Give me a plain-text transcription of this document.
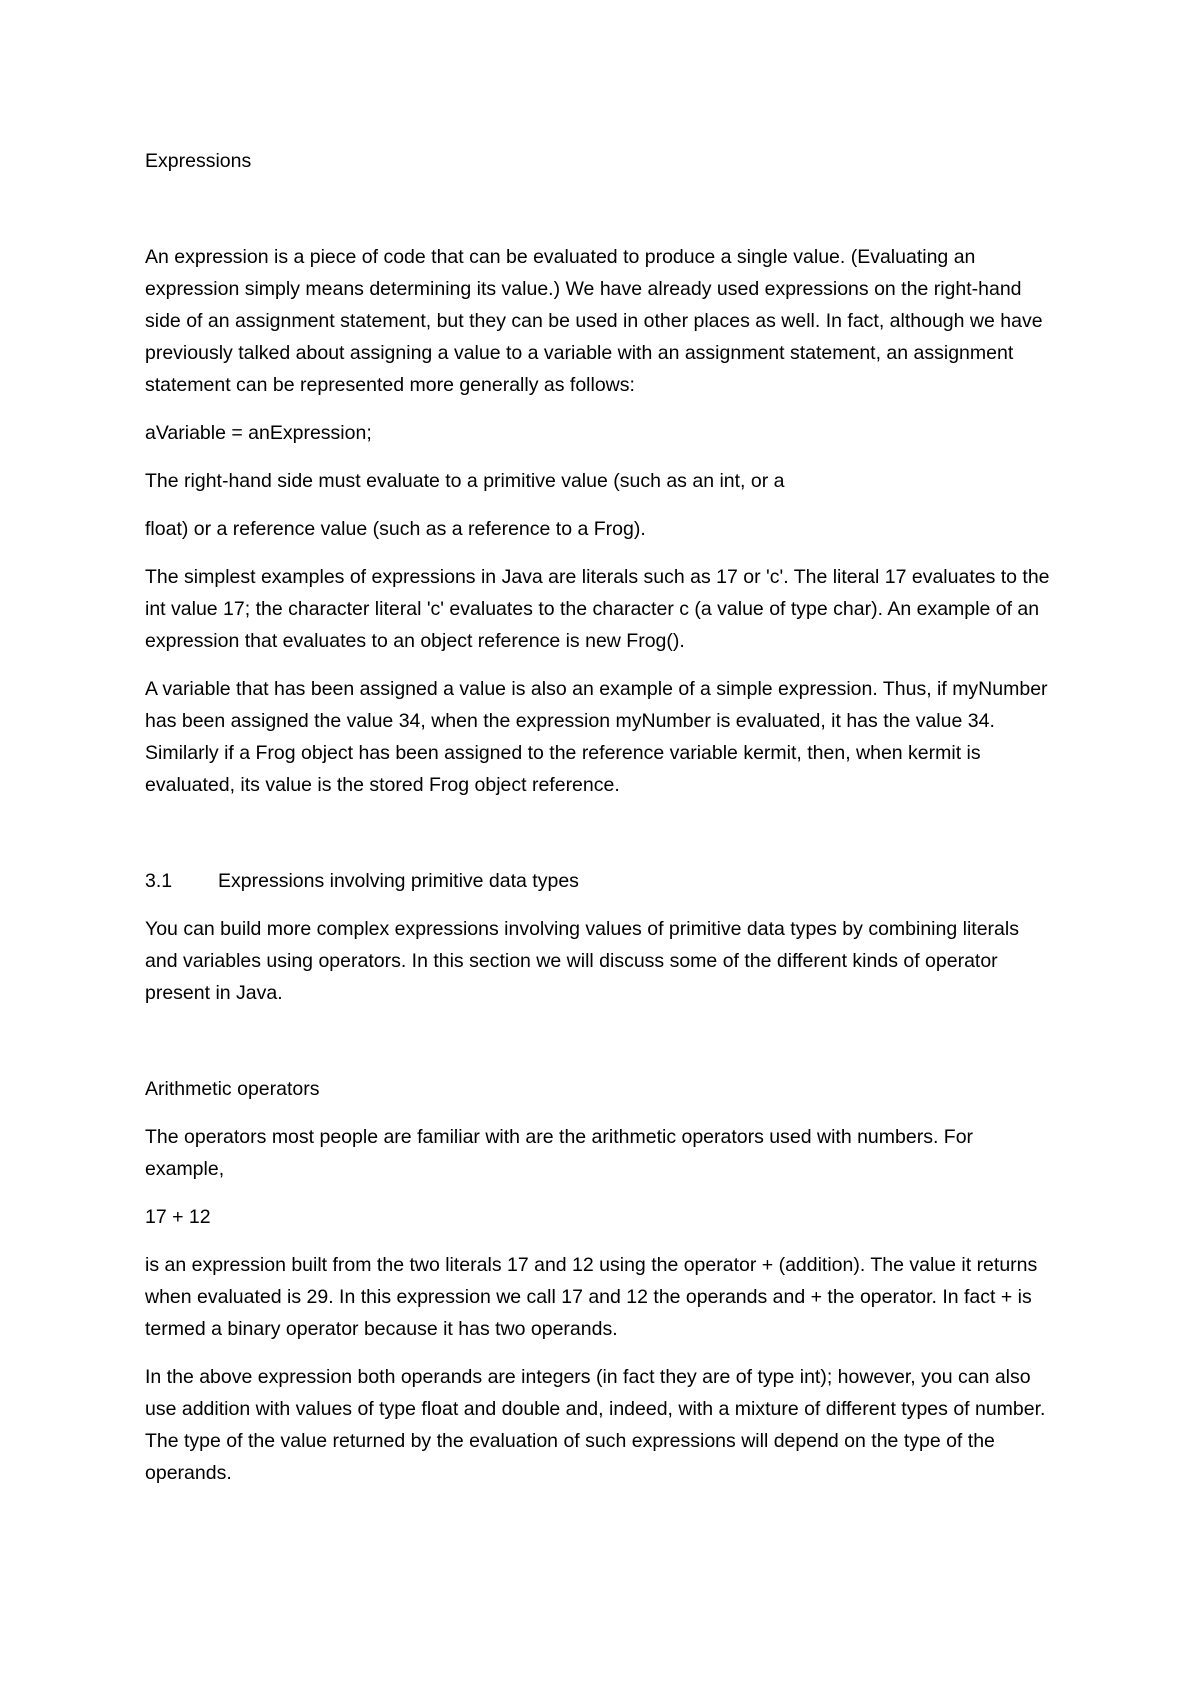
Expressions

An expression is a piece of code that can be evaluated to produce a single value. (Evaluating an expression simply means determining its value.) We have already used expressions on the right-hand side of an assignment statement, but they can be used in other places as well. In fact, although we have previously talked about assigning a value to a variable with an assignment statement, an assignment statement can be represented more generally as follows:

aVariable = anExpression;

The right-hand side must evaluate to a primitive value (such as an int, or a

float) or a reference value (such as a reference to a Frog).

The simplest examples of expressions in Java are literals such as 17 or 'c'. The literal 17 evaluates to the int value 17; the character literal 'c' evaluates to the character c (a value of type char). An example of an expression that evaluates to an object reference is new Frog().

A variable that has been assigned a value is also an example of a simple expression. Thus, if myNumber has been assigned the value 34, when the expression myNumber is evaluated, it has the value 34. Similarly if a Frog object has been assigned to the reference variable kermit, then, when kermit is evaluated, its value is the stored Frog object reference.

3.1	Expressions involving primitive data types

You can build more complex expressions involving values of primitive data types by combining literals and variables using operators. In this section we will discuss some of the different kinds of operator present in Java.

Arithmetic operators

The operators most people are familiar with are the arithmetic operators used with numbers. For example,

17 + 12

is an expression built from the two literals 17 and 12 using the operator + (addition). The value it returns when evaluated is 29. In this expression we call 17 and 12 the operands and + the operator. In fact + is termed a binary operator because it has two operands.

In the above expression both operands are integers (in fact they are of type int); however, you can also use addition with values of type float and double and, indeed, with a mixture of different types of number. The type of the value returned by the evaluation of such expressions will depend on the type of the operands.
